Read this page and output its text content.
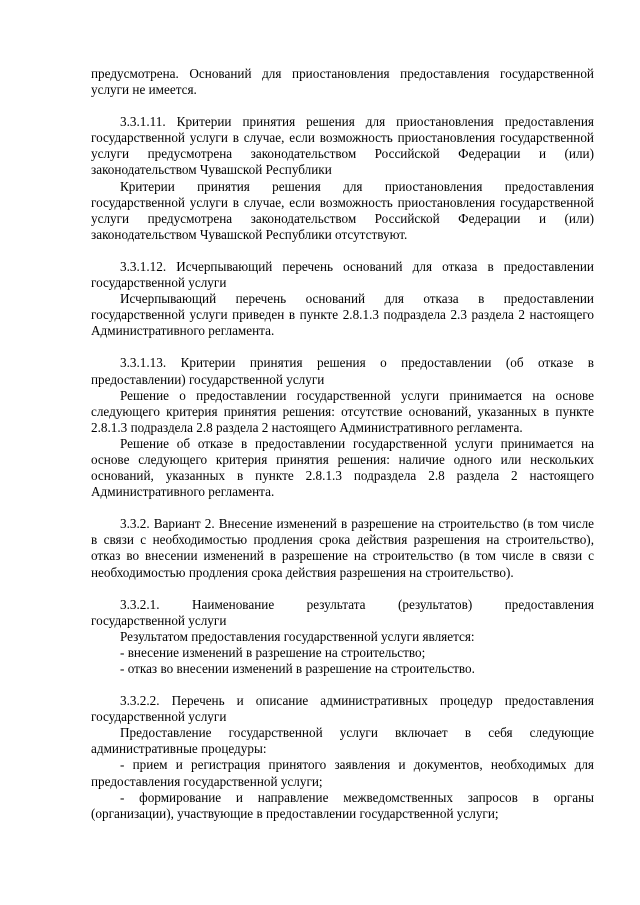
предусмотрена. Оснований для приостановления предоставления государственной услуги не имеется.

3.3.1.11. Критерии принятия решения для приостановления предоставления государственной услуги в случае, если возможность приостановления государственной услуги предусмотрена законодательством Российской Федерации и (или) законодательством Чувашской Республики

Критерии принятия решения для приостановления предоставления государственной услуги в случае, если возможность приостановления государственной услуги предусмотрена законодательством Российской Федерации и (или) законодательством Чувашской Республики отсутствуют.

3.3.1.12. Исчерпывающий перечень оснований для отказа в предоставлении государственной услуги

Исчерпывающий перечень оснований для отказа в предоставлении государственной услуги приведен в пункте 2.8.1.3 подраздела 2.3 раздела 2 настоящего Административного регламента.

3.3.1.13. Критерии принятия решения о предоставлении (об отказе в предоставлении) государственной услуги

Решение о предоставлении государственной услуги принимается на основе следующего критерия принятия решения: отсутствие оснований, указанных в пункте 2.8.1.3 подраздела 2.8 раздела 2 настоящего Административного регламента.

Решение об отказе в предоставлении государственной услуги принимается на основе следующего критерия принятия решения: наличие одного или нескольких оснований, указанных в пункте 2.8.1.3 подраздела 2.8 раздела 2 настоящего Административного регламента.

3.3.2. Вариант 2. Внесение изменений в разрешение на строительство (в том числе в связи с необходимостью продления срока действия разрешения на строительство), отказ во внесении изменений в разрешение на строительство (в том числе в связи с необходимостью продления срока действия разрешения на строительство).

3.3.2.1. Наименование результата (результатов) предоставления

государственной услуги

Результатом предоставления государственной услуги является:

- внесение изменений в разрешение на строительство;

- отказ во внесении изменений в разрешение на строительство.

3.3.2.2. Перечень и описание административных процедур предоставления государственной услуги

Предоставление государственной услуги включает в себя следующие административные процедуры:

- прием и регистрация принятого заявления и документов, необходимых для предоставления государственной услуги;

- формирование и направление межведомственных запросов в органы (организации), участвующие в предоставлении государственной услуги;
